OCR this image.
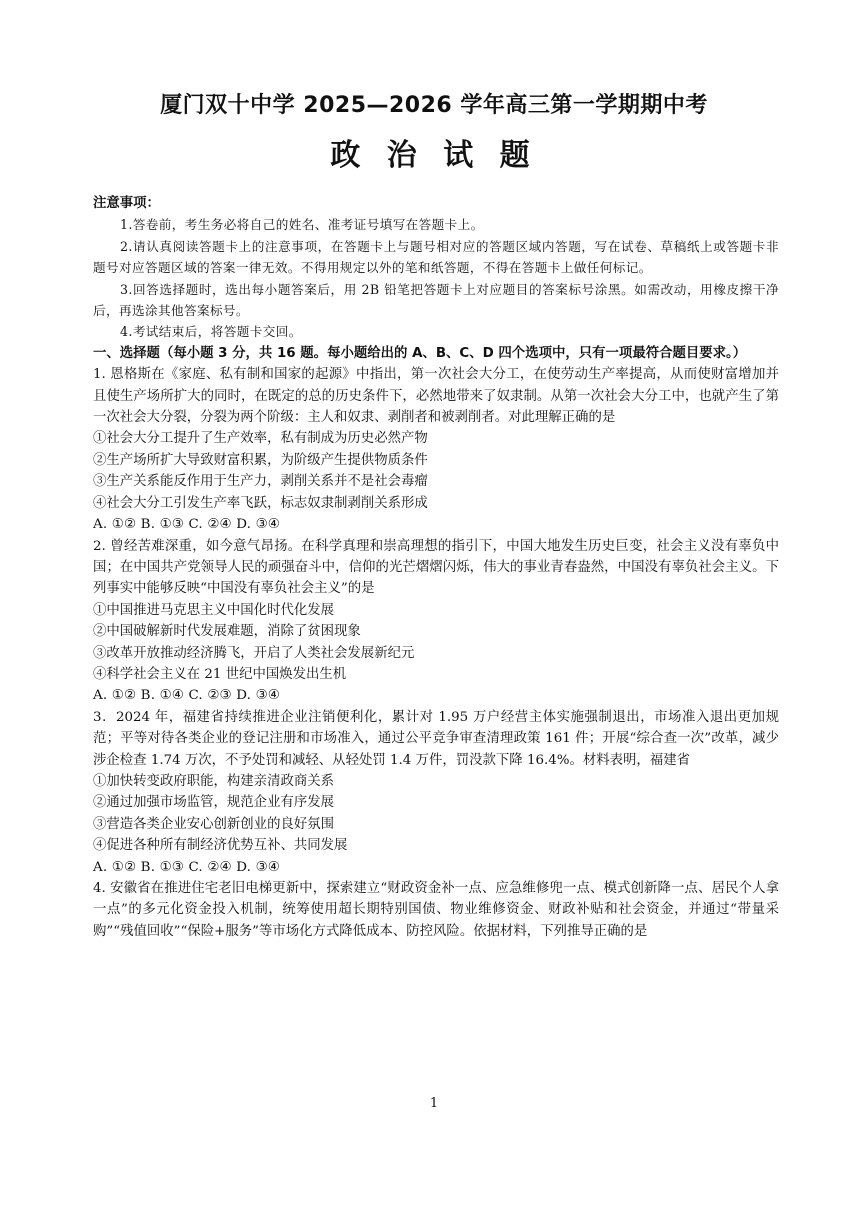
厦门双十中学 2025—2026 学年高三第一学期期中考
政 治 试 题
注意事项：
1.答卷前，考生务必将自己的姓名、准考证号填写在答题卡上。
2.请认真阅读答题卡上的注意事项，在答题卡上与题号相对应的答题区域内答题，写在试卷、草稿纸上或答题卡非题号对应答题区域的答案一律无效。不得用规定以外的笔和纸答题，不得在答题卡上做任何标记。
3.回答选择题时，选出每小题答案后，用 2B 铅笔把答题卡上对应题目的答案标号涂黑。如需改动，用橡皮擦干净后，再选涂其他答案标号。
4.考试结束后，将答题卡交回。
一、选择题（每小题 3 分，共 16 题。每小题给出的 A、B、C、D 四个选项中，只有一项最符合题目要求。）
1. 恩格斯在《家庭、私有制和国家的起源》中指出，第一次社会大分工，在使劳动生产率提高，从而使财富增加并且使生产场所扩大的同时，在既定的总的历史条件下，必然地带来了奴隶制。从第一次社会大分工中，也就产生了第一次社会大分裂，分裂为两个阶级：主人和奴隶、剥削者和被剥削者。对此理解正确的是
①社会大分工提升了生产效率，私有制成为历史必然产物
②生产场所扩大导致财富积累，为阶级产生提供物质条件
③生产关系能反作用于生产力，剥削关系并不是社会毒瘤
④社会大分工引发生产率飞跃，标志奴隶制剥削关系形成
A. ①② B. ①③ C. ②④ D. ③④
2. 曾经苦难深重，如今意气昂扬。在科学真理和崇高理想的指引下，中国大地发生历史巨变，社会主义没有辜负中国；在中国共产党领导人民的顽强奋斗中，信仰的光芒熠熠闪烁，伟大的事业青春盎然，中国没有辜负社会主义。下列事实中能够反映“中国没有辜负社会主义”的是
①中国推进马克思主义中国化时代化发展
②中国破解新时代发展难题，消除了贫困现象
③改革开放推动经济腾飞，开启了人类社会发展新纪元
④科学社会主义在 21 世纪中国焕发出生机
A. ①② B. ①④ C. ②③ D. ③④
3．2024 年，福建省持续推进企业注销便利化，累计对 1.95 万户经营主体实施强制退出，市场准入退出更加规范；平等对待各类企业的登记注册和市场准入，通过公平竞争审查清理政策 161 件；开展“综合查一次”改革，减少涉企检查 1.74 万次，不予处罚和减轻、从轻处罚 1.4 万件，罚没款下降 16.4%。材料表明，福建省
①加快转变政府职能，构建亲清政商关系
②通过加强市场监管，规范企业有序发展
③营造各类企业安心创新创业的良好氛围
④促进各种所有制经济优势互补、共同发展
A. ①② B. ①③ C. ②④ D. ③④
4. 安徽省在推进住宅老旧电梯更新中，探索建立“财政资金补一点、应急维修兜一点、模式创新降一点、居民个人拿一点”的多元化资金投入机制，统筹使用超长期特别国债、物业维修资金、财政补贴和社会资金，并通过“带量采购”“残值回收”“保险+服务”等市场化方式降低成本、防控风险。依据材料，下列推导正确的是
1
